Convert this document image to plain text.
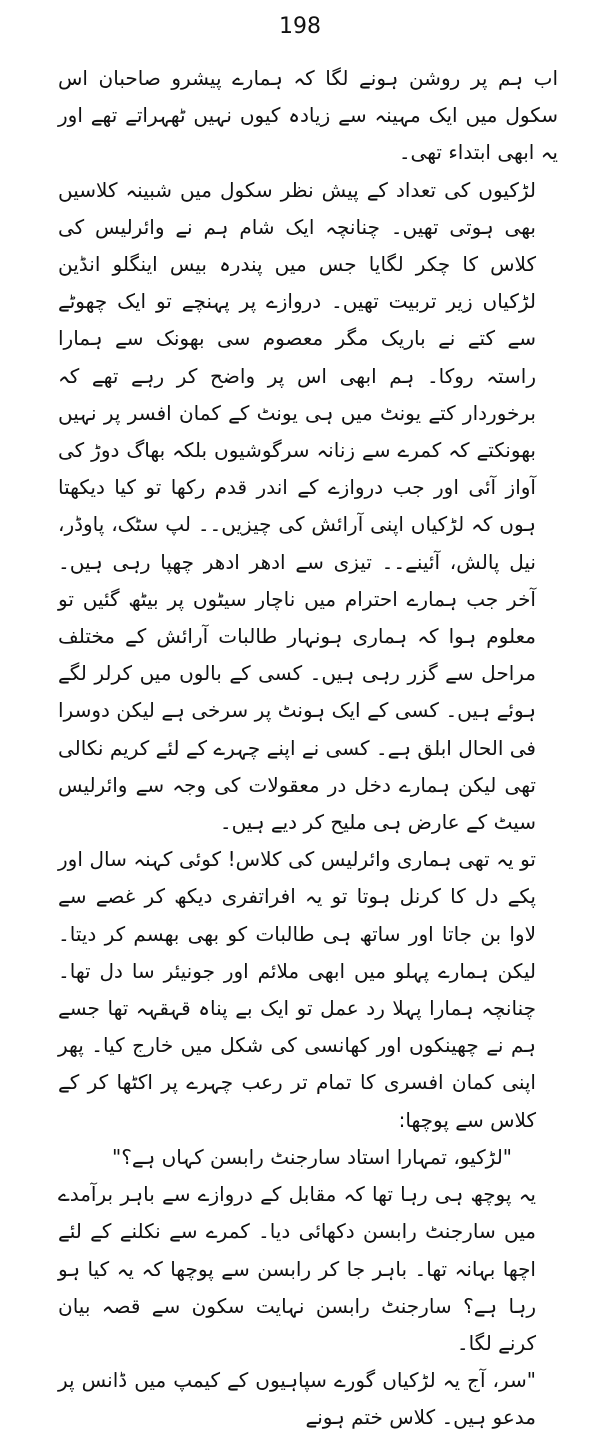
198

اب ہم پر روشن ہونے لگا کہ ہمارے پیشرو صاحبان اس سکول میں ایک مہینہ سے زیادہ کیوں نہیں ٹھہراتے تھے اور یہ ابھی ابتداء تھی۔

لڑکیوں کی تعداد کے پیش نظر سکول میں شبینہ کلاسیں بھی ہوتی تھیں۔ چنانچہ ایک شام ہم نے وائرلیس کی کلاس کا چکر لگایا جس میں پندرہ بیس اینگلو انڈین لڑکیاں زیر تربیت تھیں۔ دروازے پر پہنچے تو ایک چھوٹے سے کتے نے باریک مگر معصوم سی بھونک سے ہمارا راستہ روکا۔ ہم ابھی اس پر واضح کر رہے تھے کہ برخوردار کتے یونٹ میں ہی یونٹ کے کمان افسر پر نہیں بھونکتے کہ کمرے سے زنانہ سرگوشیوں بلکہ بھاگ دوڑ کی آواز آئی اور جب دروازے کے اندر قدم رکھا تو کیا دیکھتا ہوں کہ لڑکیاں اپنی آرائش کی چیزیں۔۔ لپ سٹک، پاوڈر، نیل پالش، آئینے۔۔ تیزی سے ادھر ادھر چھپا رہی ہیں۔ آخر جب ہمارے احترام میں ناچار سیٹوں پر بیٹھ گئیں تو معلوم ہوا کہ ہماری ہونہار طالبات آرائش کے مختلف مراحل سے گزر رہی ہیں۔ کسی کے بالوں میں کرلر لگے ہوئے ہیں۔ کسی کے ایک ہونٹ پر سرخی ہے لیکن دوسرا فی الحال ابلق ہے۔ کسی نے اپنے چہرے کے لئے کریم نکالی تھی لیکن ہمارے دخل در معقولات کی وجہ سے وائرلیس سیٹ کے عارض ہی ملیح کر دیے ہیں۔

تو یہ تھی ہماری وائرلیس کی کلاس! کوئی کہنہ سال اور پکے دل کا کرنل ہوتا تو یہ افراتفری دیکھ کر غصے سے لاوا بن جاتا اور ساتھ ہی طالبات کو بھی بھسم کر دیتا۔ لیکن ہمارے پہلو میں ابھی ملائم اور جونیئر سا دل تھا۔ چنانچہ ہمارا پہلا رد عمل تو ایک بے پناہ قہقہہ تھا جسے ہم نے چھینکوں اور کھانسی کی شکل میں خارج کیا۔ پھر اپنی کمان افسری کا تمام تر رعب چہرے پر اکٹھا کر کے کلاس سے پوچھا:

"لڑکیو، تمہارا استاد سارجنٹ رابسن کہاں ہے؟"

یہ پوچھ ہی رہا تھا کہ مقابل کے دروازے سے باہر برآمدے میں سارجنٹ رابسن دکھائی دیا۔ کمرے سے نکلنے کے لئے اچھا بہانہ تھا۔ باہر جا کر رابسن سے پوچھا کہ یہ کیا ہو رہا ہے؟ سارجنٹ رابسن نہایت سکون سے قصہ بیان کرنے لگا۔

"سر، آج یہ لڑکیاں گورے سپاہیوں کے کیمپ میں ڈانس پر مدعو ہیں۔ کلاس ختم ہونے
